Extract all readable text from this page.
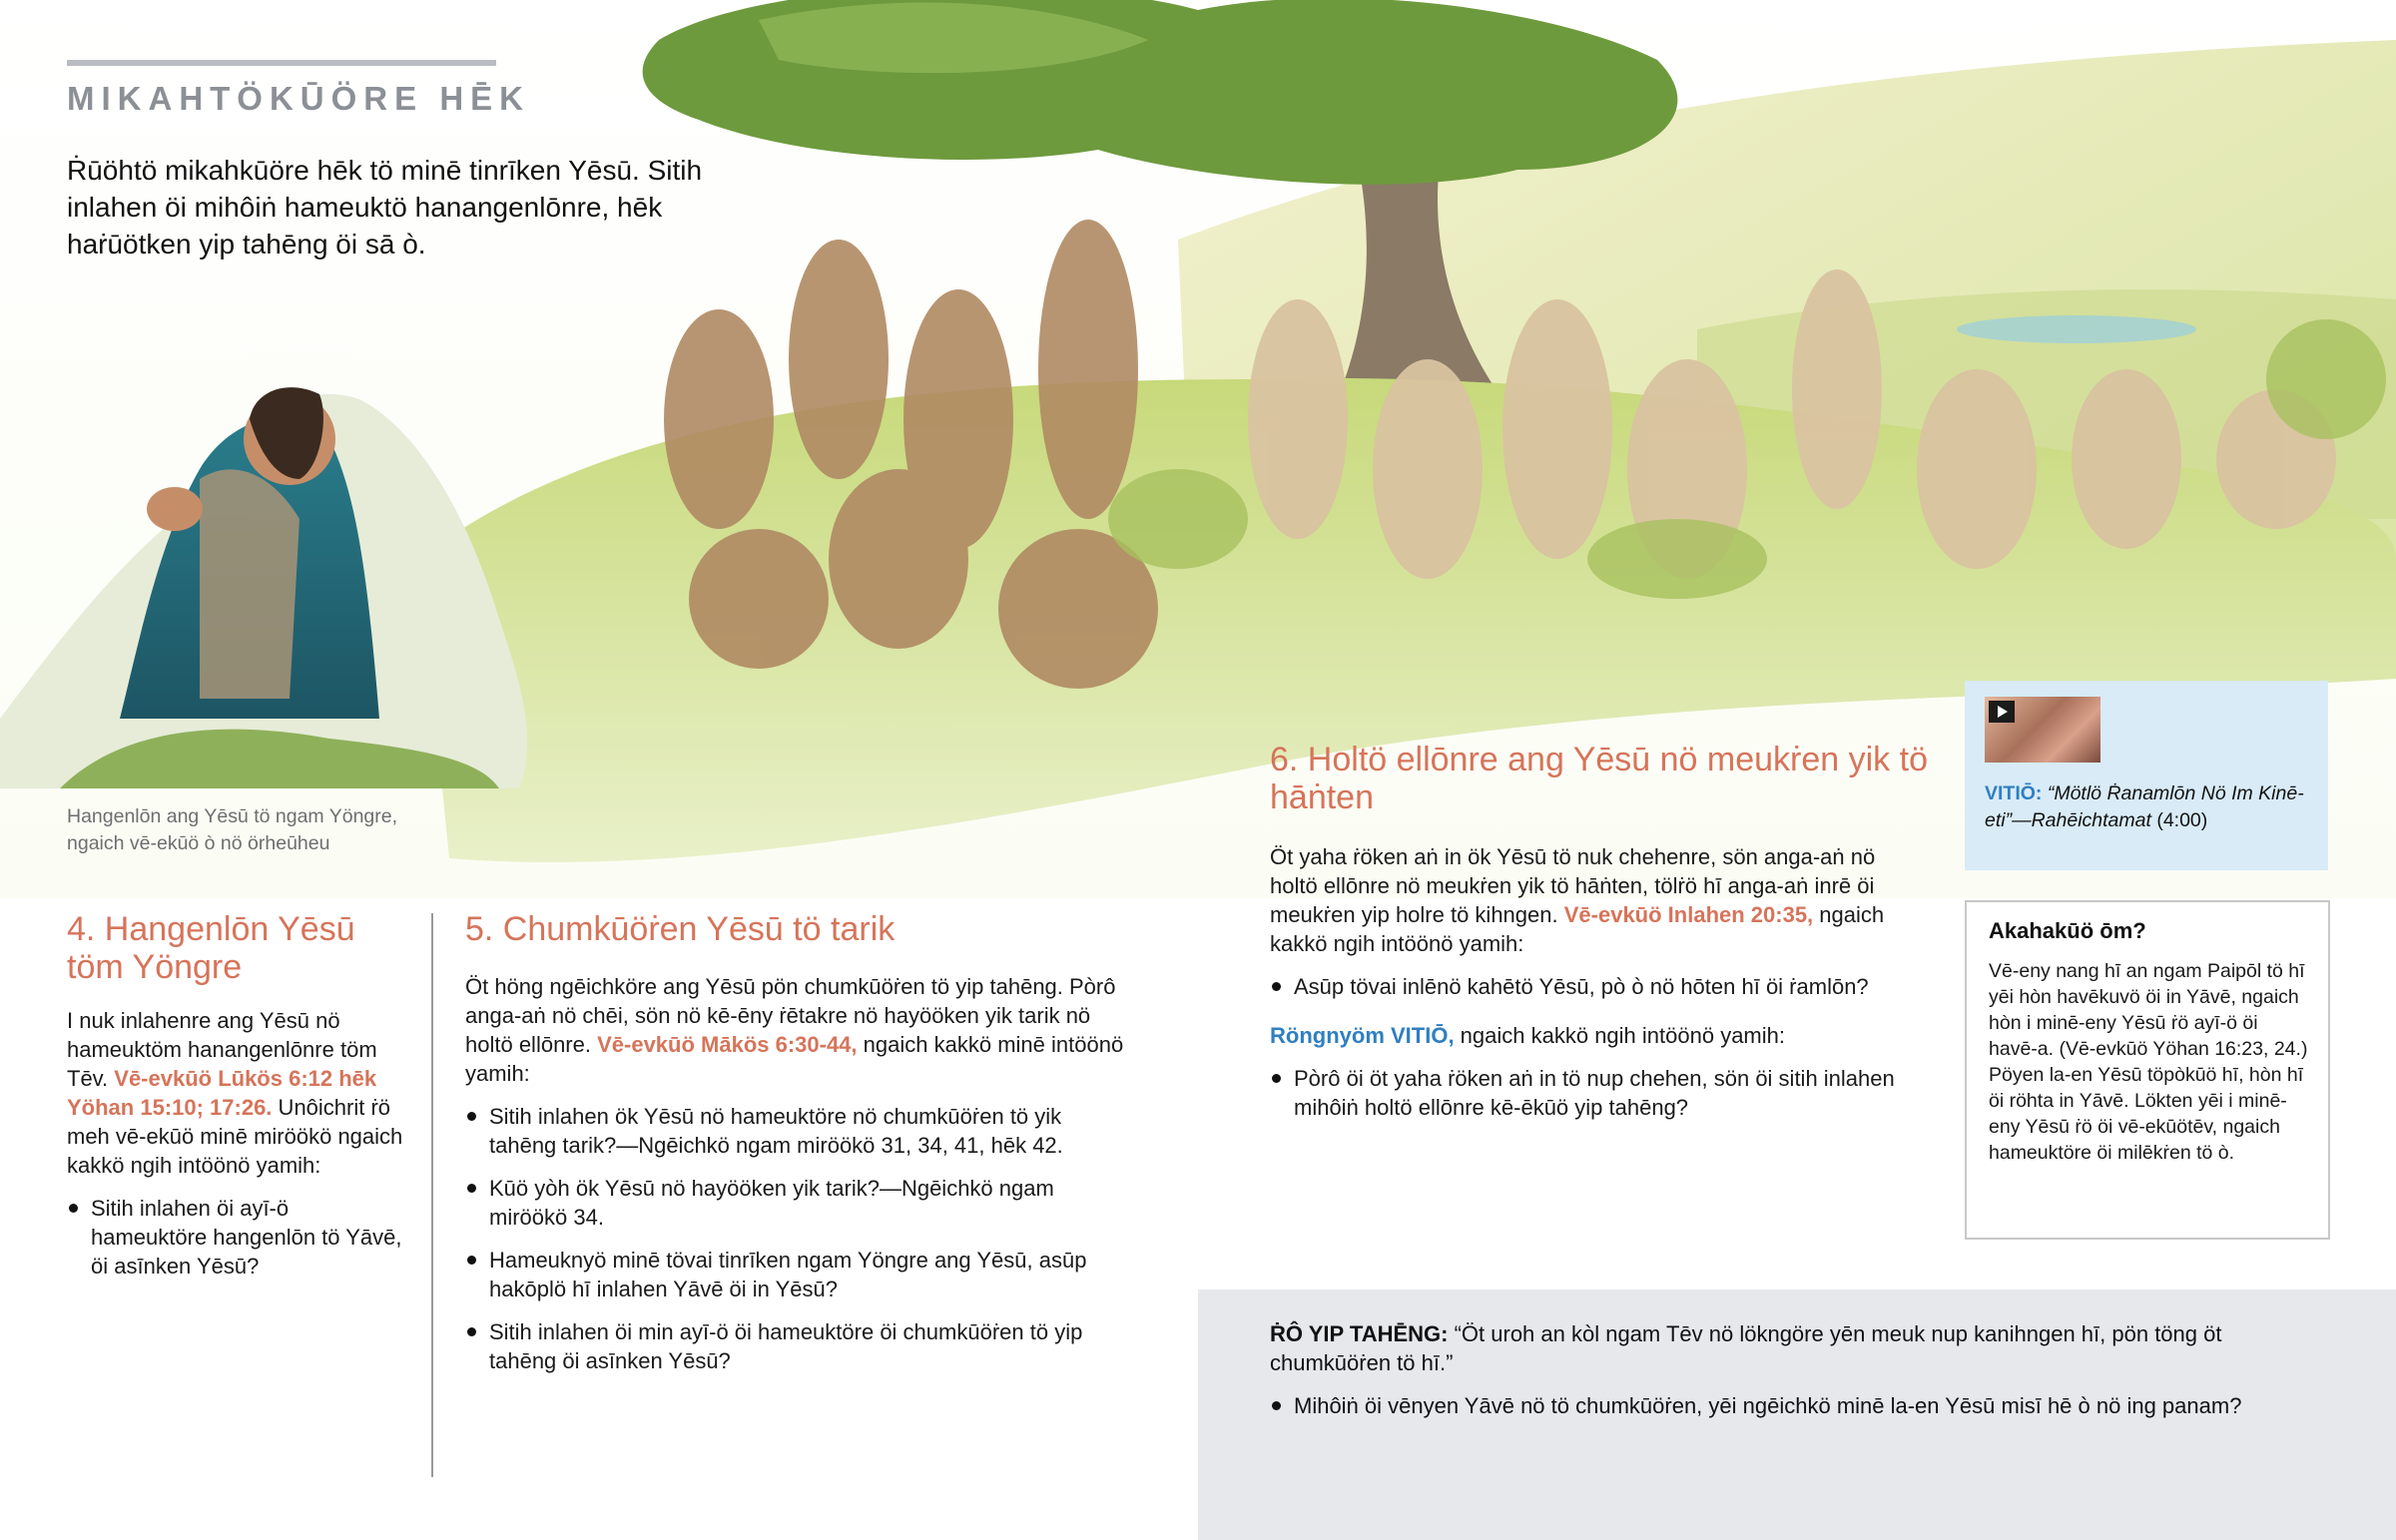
MIKAHTÖKŪÖRE HĒK
Ṙūöhtö mikahkūöre hēk tö minē tinrīken Yēsū. Sitih inlahen öi mihôiṅ hameuktö hanangenlōnre, hēk haṙūötken yip tahēng öi sā ò.
Hangenlōn ang Yēsū tö ngam Yöngre, ngaich vē-ekūö ò nö örheūheu
4. Hangenlōn Yēsū töm Yöngre
I nuk inlahenre ang Yēsū nö hameuktöm hanangenlōnre töm Tēv. Vē-evkūö Lūkös 6:12 hēk Yöhan 15:10; 17:26. Unôichrit ṙö meh vē-ekūö minē miröökö ngaich kakkö ngih intöönö yamih:
Sitih inlahen öi ayī-ö hameuktöre hangenlōn tö Yāvē, öi asīnken Yēsū?
5. Chumkūöṙen Yēsū tö tarik
Öt höng ngēichköre ang Yēsū pön chumkūöṙen tö yip tahēng. Pòrô anga-aṅ nö chēi, sön nö kē-ēny ṙētakre nö hayööken yik tarik nö holtö ellōnre. Vē-evkūö Mākös 6:30-44, ngaich kakkö minē intöönö yamih:
Sitih inlahen ök Yēsū nö hameuktöre nö chumkūöṙen tö yik tahēng tarik?—Ngēichkö ngam miröökö 31, 34, 41, hēk 42.
Kūö yòh ök Yēsū nö hayööken yik tarik?—Ngēichkö ngam miröökö 34.
Hameuknyö minē tövai tinrīken ngam Yöngre ang Yēsū, asūp hakōplö hī inlahen Yāvē öi in Yēsū?
Sitih inlahen öi min ayī-ö öi hameuktöre öi chumkūöṙen tö yip tahēng öi asīnken Yēsū?
6. Holtö ellōnre ang Yēsū nö meukṙen yik tö hāṅten
Öt yaha ṙöken aṅ in ök Yēsū tö nuk chehenre, sön anga-aṅ nö holtö ellōnre nö meukṙen yik tö hāṅten, tölṙö hī anga-aṅ inrē öi meukṙen yip holre tö kihngen. Vē-evkūö Inlahen 20:35, ngaich kakkö ngih intöönö yamih:
Asūp tövai inlēnö kahētö Yēsū, pò ò nö hōten hī öi ṙamlōn?
Röngnyöm VITIŌ, ngaich kakkö ngih intöönö yamih:
Pòrô öi öt yaha ṙöken aṅ in tö nup chehen, sön öi sitih inlahen mihôiṅ holtö ellōnre kē-ēkūö yip tahēng?
VITIŌ: “Mötlö Ṙanamlōn Nö Im Kinē-eti”—Rahēichtamat (4:00)
Akahakūö ōm?
Vē-eny nang hī an ngam Paipōl tö hī yēi hòn havēkuvö öi in Yāvē, ngaich hòn i minē-eny Yēsū ṙö ayī-ö öi havē-a. (Vē-evkūö Yöhan 16:23, 24.) Pöyen la-en Yēsū töpòkūö hī, hòn hī öi röhta in Yāvē. Lökten yēi i minē-eny Yēsū ṙö öi vē-ekūötēv, ngaich hameuktöre öi milēkṙen tö ò.
ṘÔ YIP TAHĒNG: “Öt uroh an kòl ngam Tēv nö lökngöre yēn meuk nup kanihngen hī, pön töng öt chumkūöṙen tö hī.”
Mihôiṅ öi vēnyen Yāvē nö tö chumkūöṙen, yēi ngēichkö minē la-en Yēsū misī hē ò nö ing panam?
